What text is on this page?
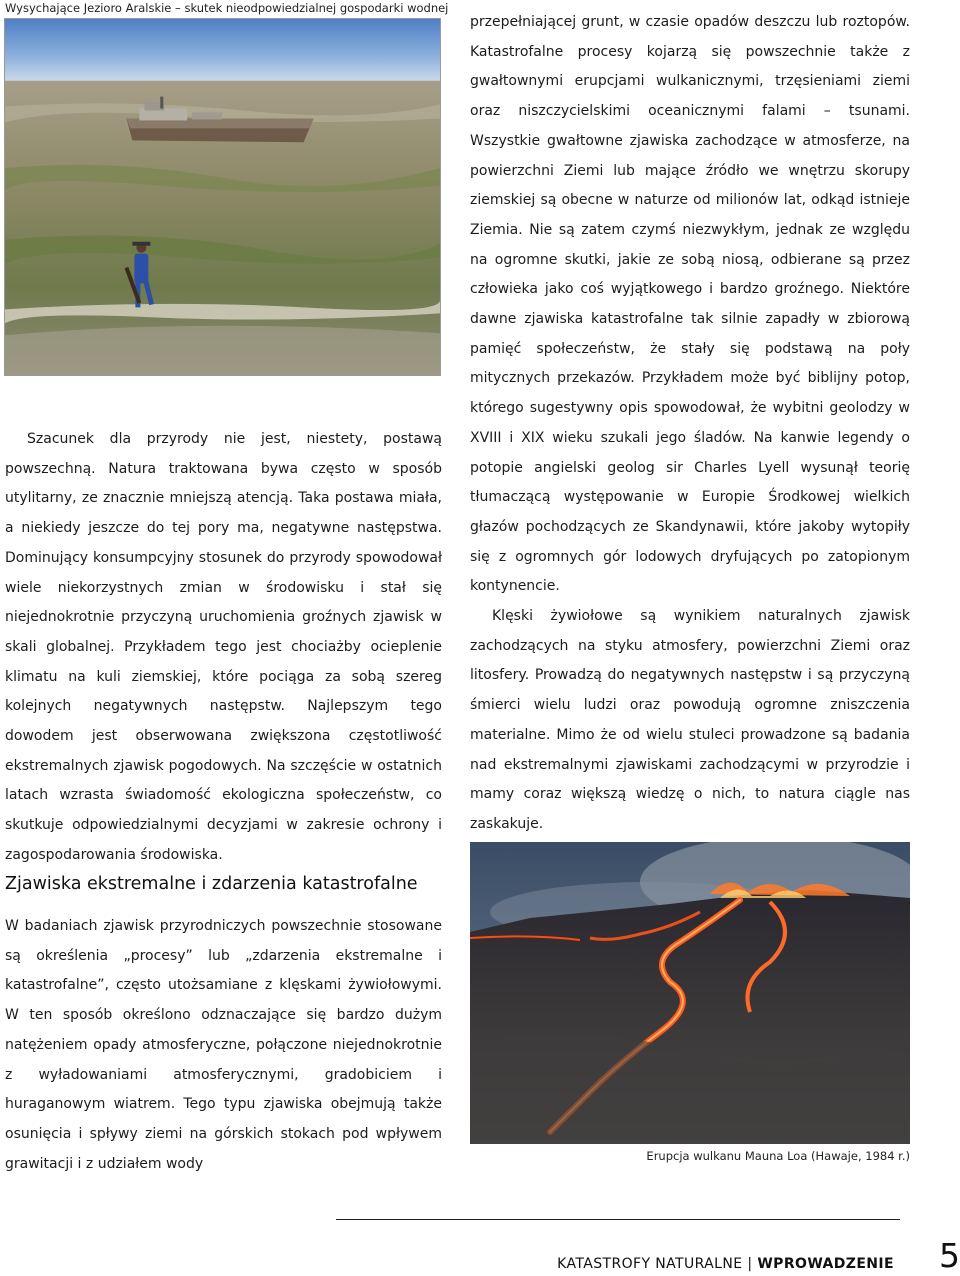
Wysychające Jezioro Aralskie – skutek nieodpowiedzialnej gospodarki wodnej

Szacunek dla przyrody nie jest, niestety, postawą powszechną. Natura traktowana bywa często w sposób utylitarny, ze znacznie mniejszą atencją. Taka postawa miała, a niekiedy jeszcze do tej pory ma, negatywne następstwa. Dominujący konsumpcyjny stosunek do przyrody spowodował wiele niekorzystnych zmian w środowisku i stał się niejednokrotnie przyczyną uruchomienia groźnych zjawisk w skali globalnej. Przykładem tego jest chociażby ocieplenie klimatu na kuli ziemskiej, które pociąga za sobą szereg kolejnych negatywnych następstw. Najlepszym tego dowodem jest obserwowana zwiększona częstotliwość ekstremalnych zjawisk pogodowych. Na szczęście w ostatnich latach wzrasta świadomość ekologiczna społeczeństw, co skutkuje odpowiedzialnymi decyzjami w zakresie ochrony i zagospodarowania środowiska.

Zjawiska ekstremalne i zdarzenia katastrofalne

W badaniach zjawisk przyrodniczych powszechnie stosowane są określenia „procesy” lub „zdarzenia ekstremalne i katastrofalne”, często utożsamiane z klęskami żywiołowymi. W ten sposób określono odznaczające się bardzo dużym natężeniem opady atmosferyczne, połączone niejednokrotnie z wyładowaniami atmosferycznymi, gradobiciem i huraganowym wiatrem. Tego typu zjawiska obejmują także osunięcia i spływy ziemi na górskich stokach pod wpływem grawitacji i z udziałem wody

przepełniającej grunt, w czasie opadów deszczu lub roztopów. Katastrofalne procesy kojarzą się powszechnie także z gwałtownymi erupcjami wulkanicznymi, trzęsieniami ziemi oraz niszczycielskimi oceanicznymi falami – tsunami. Wszystkie gwałtowne zjawiska zachodzące w atmosferze, na powierzchni Ziemi lub mające źródło we wnętrzu skorupy ziemskiej są obecne w naturze od milionów lat, odkąd istnieje Ziemia. Nie są zatem czymś niezwykłym, jednak ze względu na ogromne skutki, jakie ze sobą niosą, odbierane są przez człowieka jako coś wyjątkowego i bardzo groźnego. Niektóre dawne zjawiska katastrofalne tak silnie zapadły w zbiorową pamięć społeczeństw, że stały się podstawą na poły mitycznych przekazów. Przykładem może być biblijny potop, którego sugestywny opis spowodował, że wybitni geolodzy w XVIII i XIX wieku szukali jego śladów. Na kanwie legendy o potopie angielski geolog sir Charles Lyell wysunął teorię tłumaczącą występowanie w Europie Środkowej wielkich głazów pochodzących ze Skandynawii, które jakoby wytopiły się z ogromnych gór lodowych dryfujących po zatopionym kontynencie.

Klęski żywiołowe są wynikiem naturalnych zjawisk zachodzących na styku atmosfery, powierzchni Ziemi oraz litosfery. Prowadzą do negatywnych następstw i są przyczyną śmierci wielu ludzi oraz powodują ogromne zniszczenia materialne. Mimo że od wielu stuleci prowadzone są badania nad ekstremalnymi zjawiskami zachodzącymi w przyrodzie i mamy coraz większą wiedzę o nich, to natura ciągle nas zaskakuje.

Erupcja wulkanu Mauna Loa (Hawaje, 1984 r.)
KATASTROFY NATURALNE | WPROWADZENIE 5
